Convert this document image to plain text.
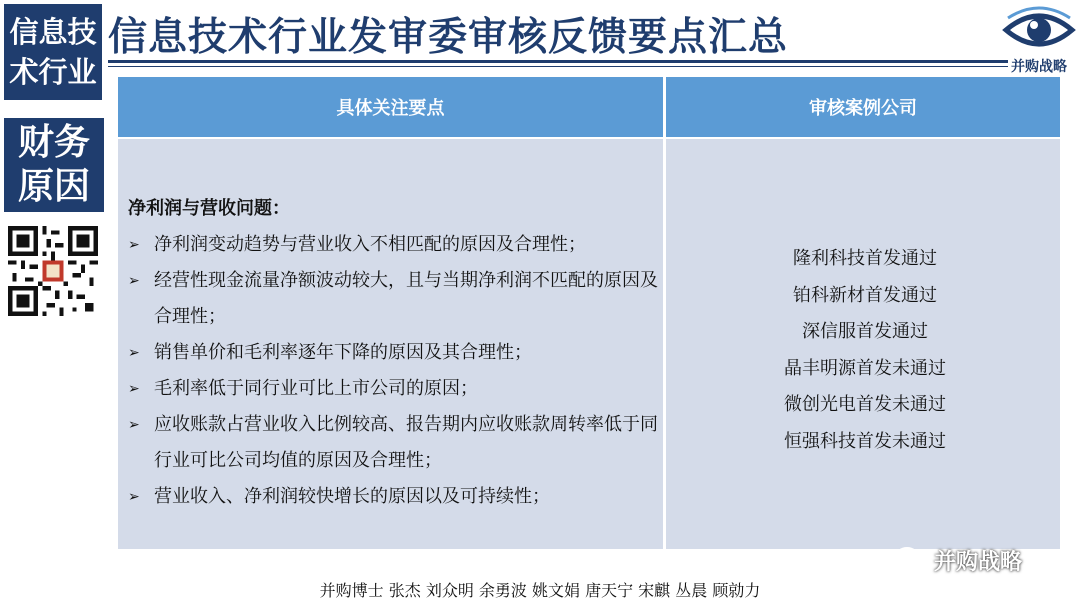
信息技
术行业
财务
原因
信息技术行业发审委审核反馈要点汇总
并购战略
具体关注要点	审核案例公司
净利润与营收问题：
➢ 净利润变动趋势与营业收入不相匹配的原因及合理性；
➢ 经营性现金流量净额波动较大，且与当期净利润不匹配的原因及合理性；
➢ 销售单价和毛利率逐年下降的原因及其合理性；
➢ 毛利率低于同行业可比上市公司的原因；
➢ 应收账款占营业收入比例较高、报告期内应收账款周转率低于同行业可比公司均值的原因及合理性；
➢ 营业收入、净利润较快增长的原因以及可持续性；
隆利科技首发通过
铂科新材首发通过
深信服首发通过
晶丰明源首发未通过
微创光电首发未通过
恒强科技首发未通过
并购战略
并购博士 张杰 刘众明 余勇波 姚文娟 唐天宁 宋麒 丛晨 顾勍力
